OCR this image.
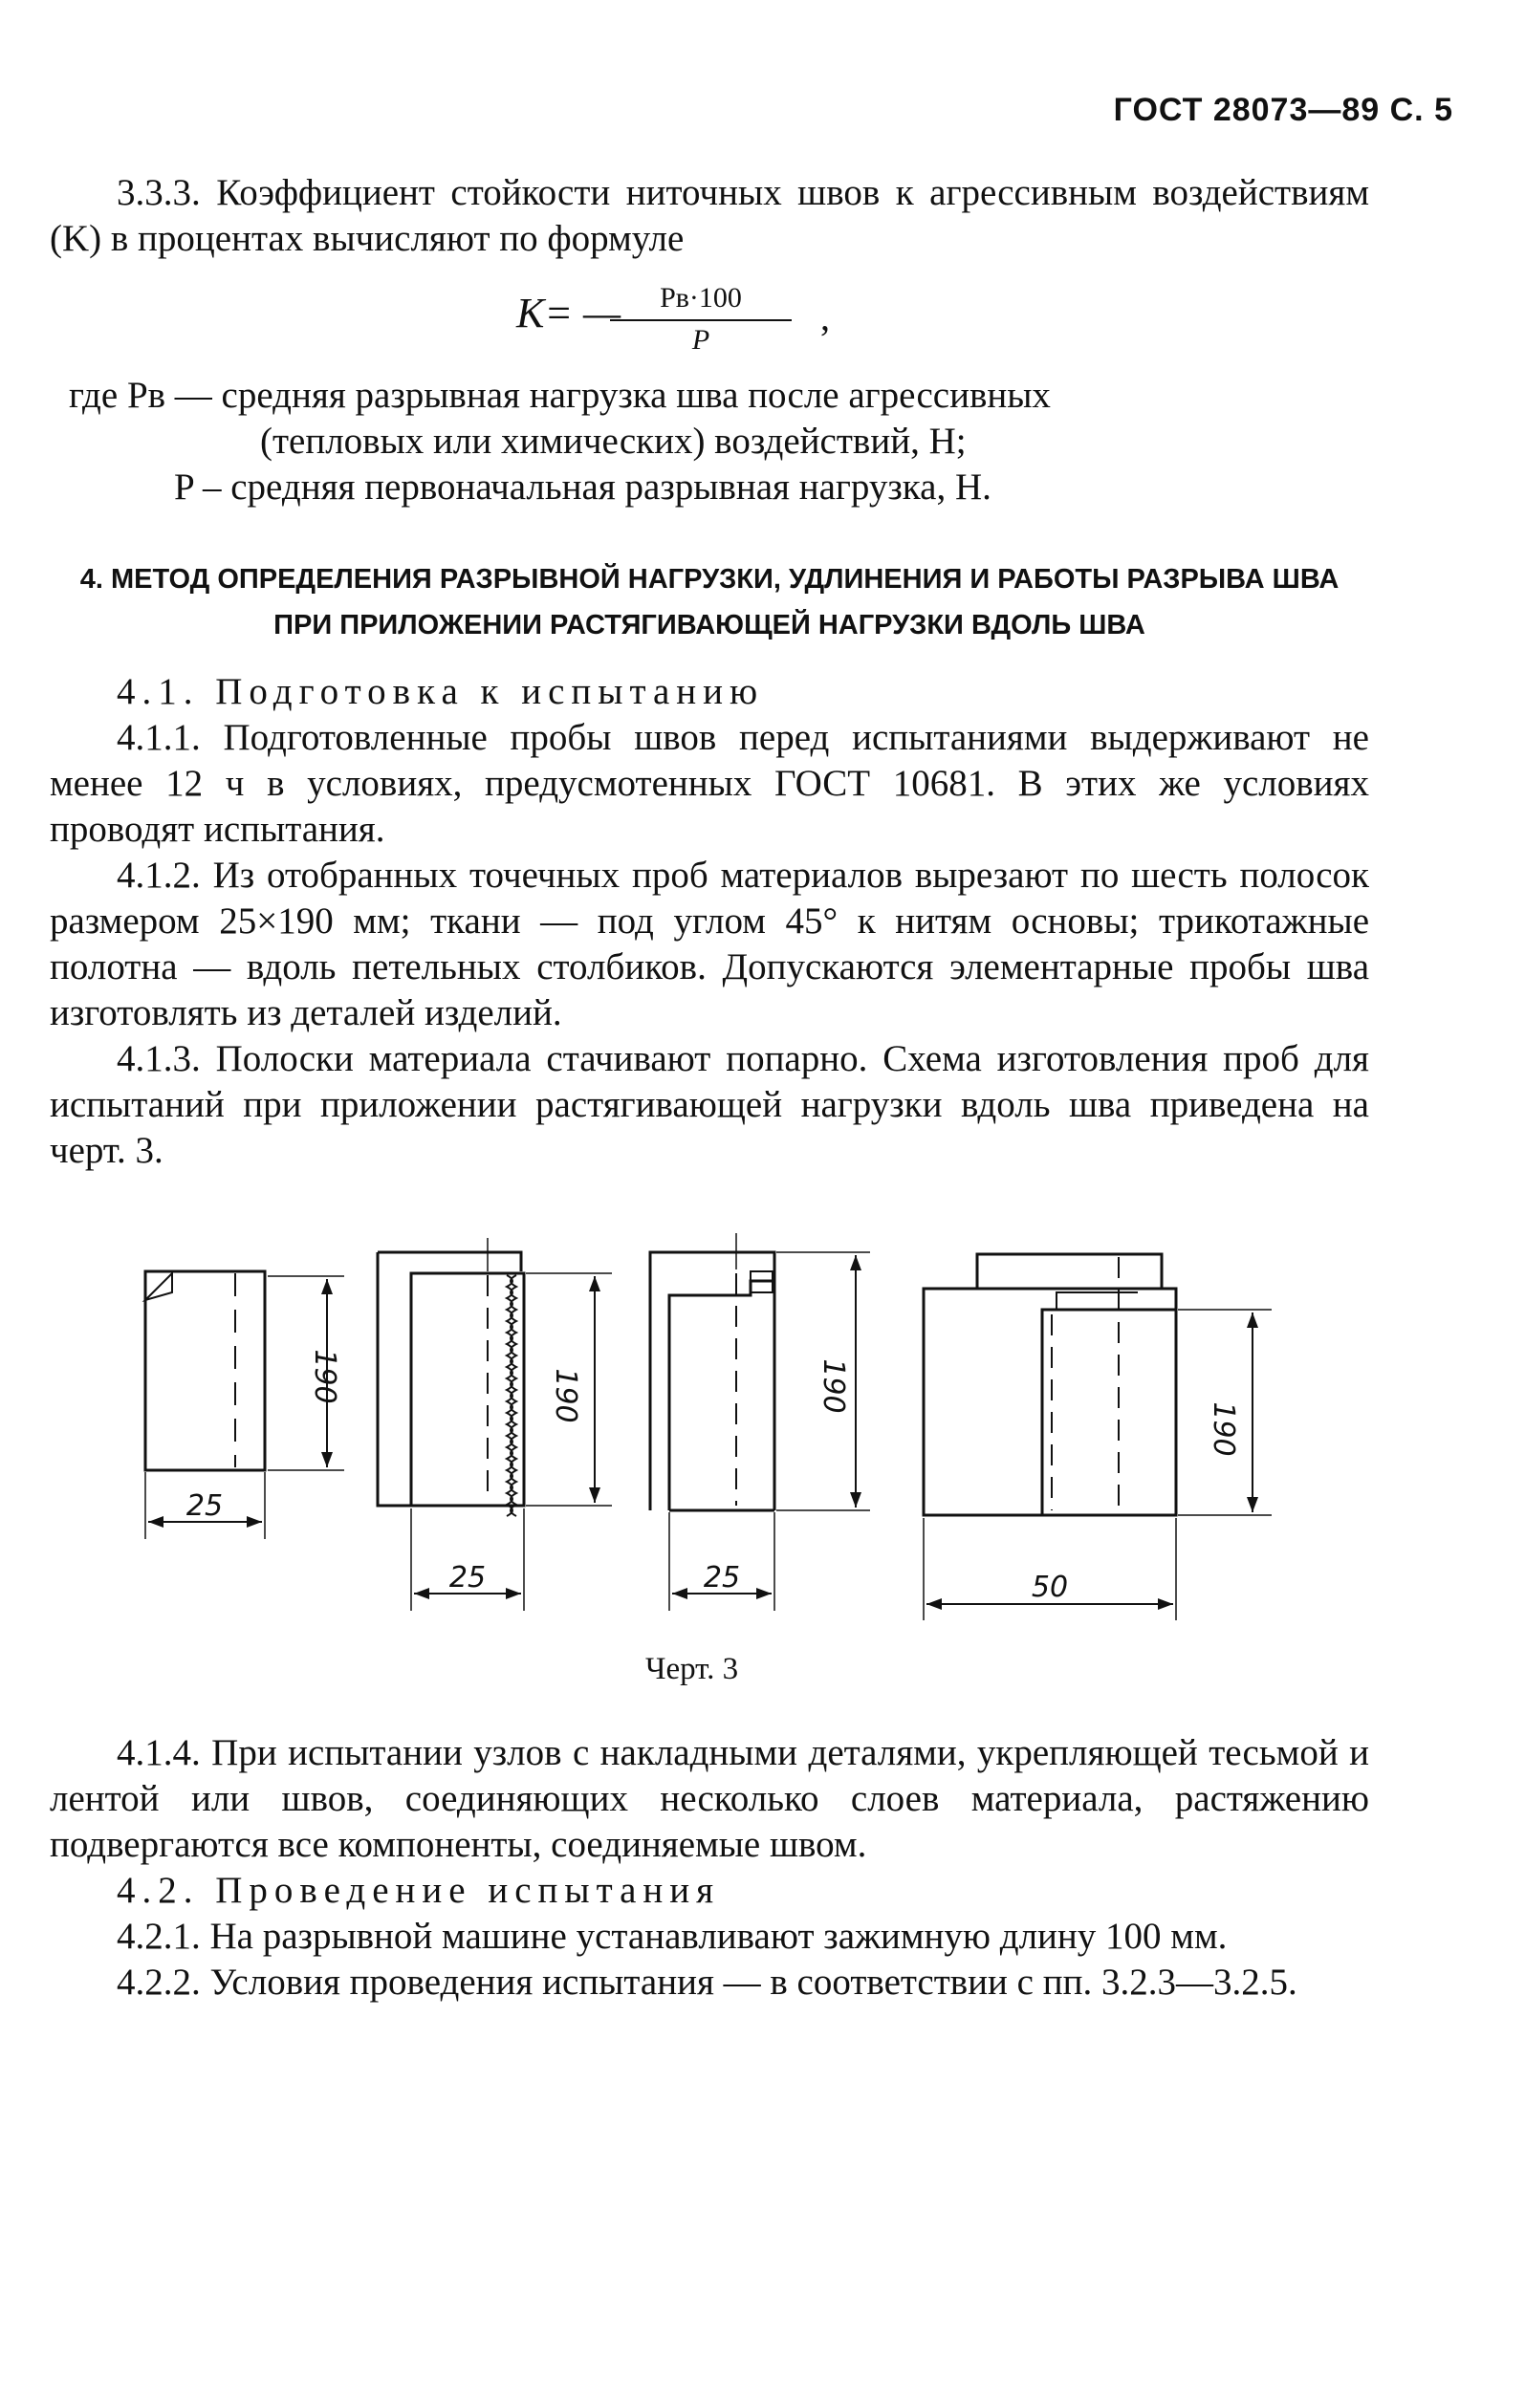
ГОСТ 28073—89 С. 5

3.3.3. Коэффициент стойкости ниточных швов к агрессивным воздействиям (K) в процентах вычисляют по формуле

K= —	Pв·100
P
,
где Pв — средняя разрывная нагрузка шва после агрессивных
(тепловых или химических) воздействий, Н;
P – средняя первоначальная разрывная нагрузка, Н.
4. МЕТОД ОПРЕДЕЛЕНИЯ РАЗРЫВНОЙ НАГРУЗКИ, УДЛИНЕНИЯ И РАБОТЫ РАЗРЫВА ШВА ПРИ ПРИЛОЖЕНИИ РАСТЯГИВАЮЩЕЙ НАГРУЗКИ ВДОЛЬ ШВА

4.1. Подготовка к испытанию

4.1.1. Подготовленные пробы швов перед испытаниями выдерживают не менее 12 ч в условиях, предусмотенных ГОСТ 10681. В этих же условиях проводят испытания.

4.1.2. Из отобранных точечных проб материалов вырезают по шесть полосок размером 25×190 мм; ткани — под углом 45° к нитям основы; трикотажные полотна — вдоль петельных столбиков. Допускаются элементарные пробы шва изготовлять из деталей изделий.

4.1.3. Полоски материала стачивают попарно. Схема изготовления проб для испытаний при приложении растягивающей нагрузки вдоль шва приведена на черт. 3.

190
25
190
25
190
25
190
50
Черт. 3

4.1.4. При испытании узлов с накладными деталями, укрепляющей тесьмой и лентой или швов, соединяющих несколько слоев материала, растяжению подвергаются все компоненты, соединяемые швом.

4.2. Проведение испытания

4.2.1. На разрывной машине устанавливают зажимную длину 100 мм.

4.2.2. Условия проведения испытания — в соответствии с пп. 3.2.3—3.2.5.
